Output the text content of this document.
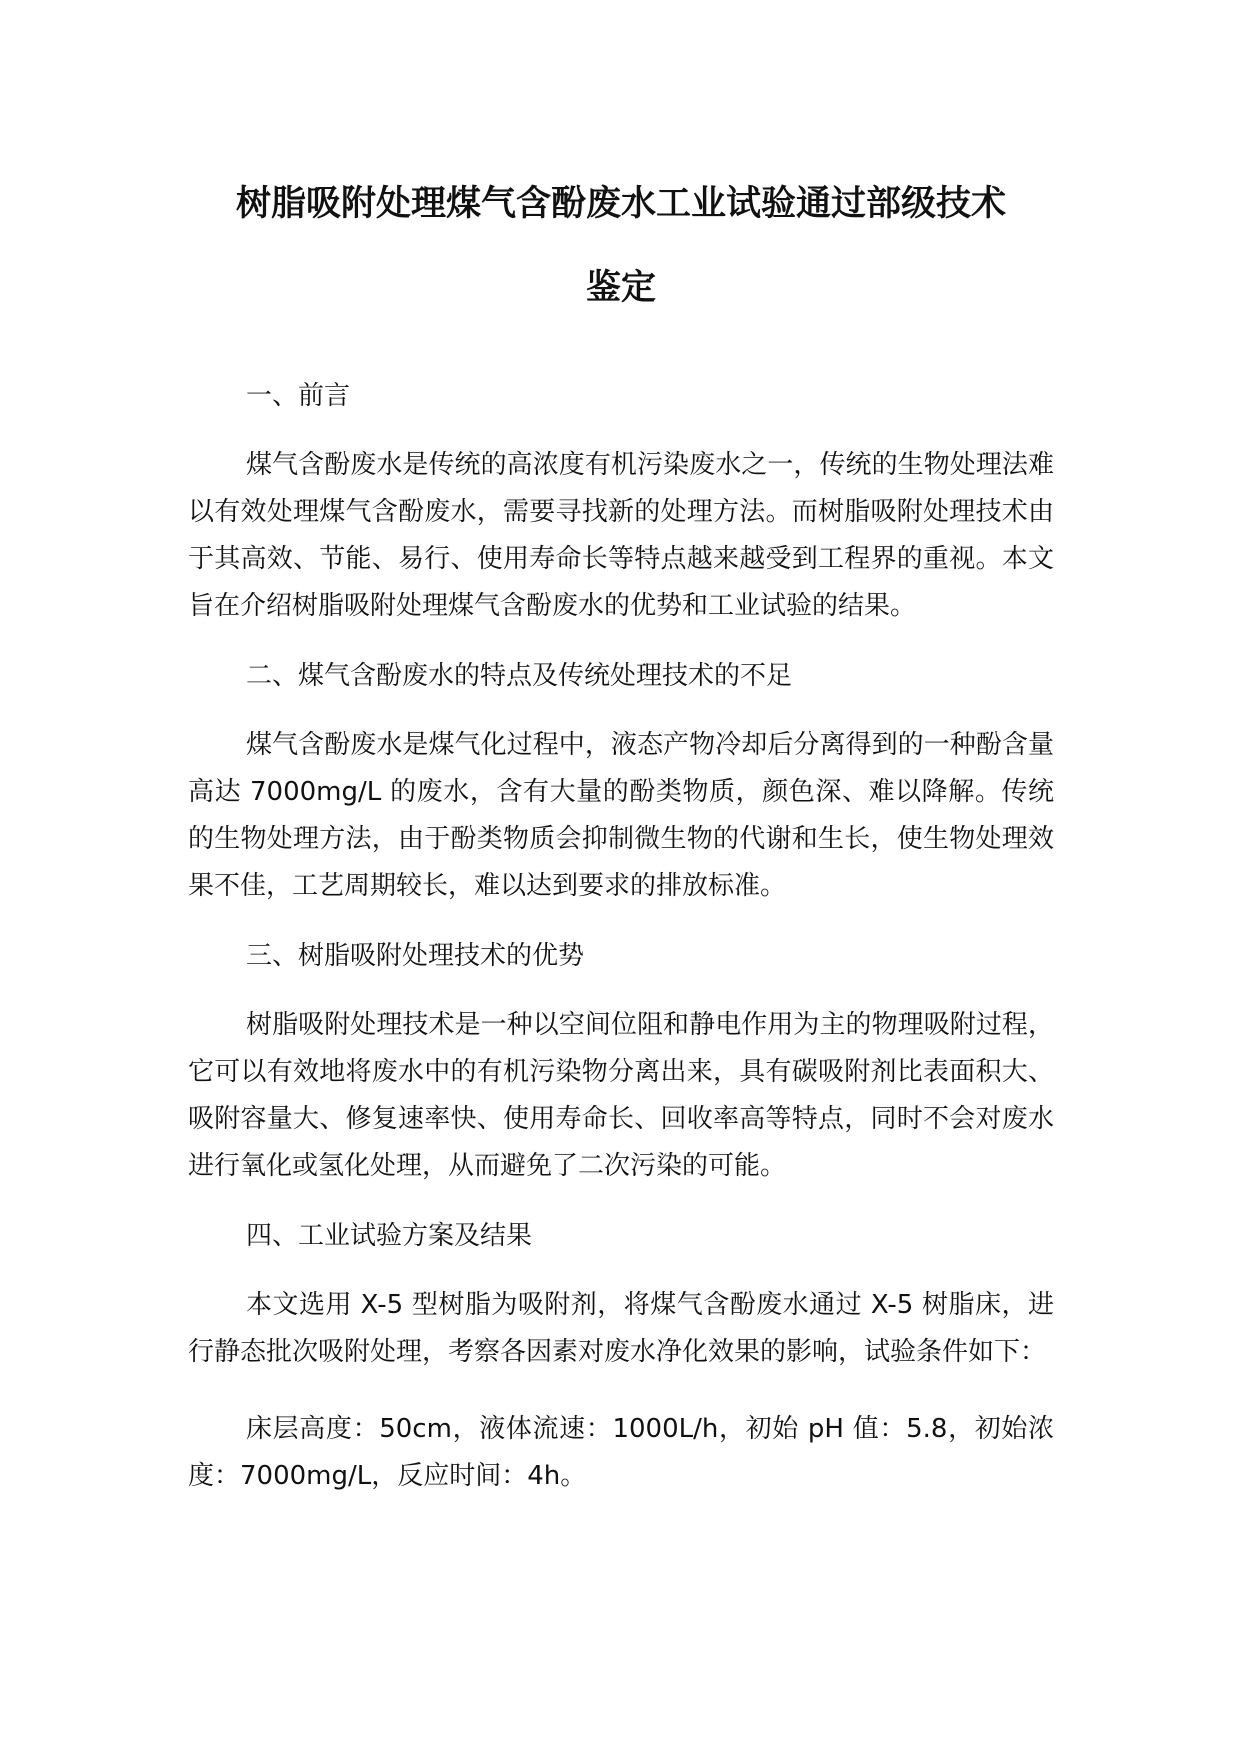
树脂吸附处理煤气含酚废水工业试验通过部级技术
鉴定

一、前言

煤气含酚废水是传统的高浓度有机污染废水之一，传统的生物处理法难以有效处理煤气含酚废水，需要寻找新的处理方法。而树脂吸附处理技术由于其高效、节能、易行、使用寿命长等特点越来越受到工程界的重视。本文旨在介绍树脂吸附处理煤气含酚废水的优势和工业试验的结果。

二、煤气含酚废水的特点及传统处理技术的不足

煤气含酚废水是煤气化过程中，液态产物冷却后分离得到的一种酚含量高达 7000mg/L 的废水，含有大量的酚类物质，颜色深、难以降解。传统的生物处理方法，由于酚类物质会抑制微生物的代谢和生长，使生物处理效果不佳，工艺周期较长，难以达到要求的排放标准。

三、树脂吸附处理技术的优势

树脂吸附处理技术是一种以空间位阻和静电作用为主的物理吸附过程，它可以有效地将废水中的有机污染物分离出来，具有碳吸附剂比表面积大、吸附容量大、修复速率快、使用寿命长、回收率高等特点，同时不会对废水进行氧化或氢化处理，从而避免了二次污染的可能。

四、工业试验方案及结果

本文选用 X-5 型树脂为吸附剂，将煤气含酚废水通过 X-5 树脂床，进行静态批次吸附处理，考察各因素对废水净化效果的影响，试验条件如下：

床层高度：50cm，液体流速：1000L/h，初始 pH 值：5.8，初始浓度：7000mg/L，反应时间：4h。
